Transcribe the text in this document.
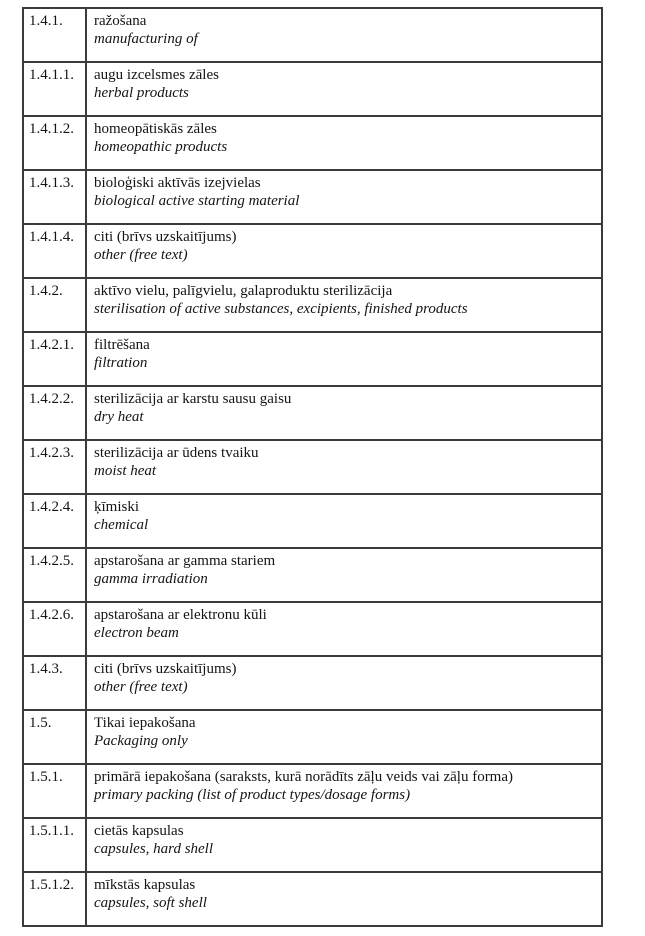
1.4.1.	ražošana
manufacturing of

1.4.1.1.	augu izcelsmes zāles
herbal products

1.4.1.2.	homeopātiskās zāles
homeopathic products

1.4.1.3.	bioloģiski aktīvās izejvielas
biological active starting material

1.4.1.4.	citi (brīvs uzskaitījums)
other (free text)

1.4.2.	aktīvo vielu, palīgvielu, galaproduktu sterilizācija
sterilisation of active substances, excipients, finished products

1.4.2.1.	filtrēšana
filtration

1.4.2.2.	sterilizācija ar karstu sausu gaisu
dry heat

1.4.2.3.	sterilizācija ar ūdens tvaiku
moist heat

1.4.2.4.	ķīmiski
chemical

1.4.2.5.	apstarošana ar gamma stariem
gamma irradiation

1.4.2.6.	apstarošana ar elektronu kūli
electron beam

1.4.3.	citi (brīvs uzskaitījums)
other (free text)

1.5.	Tikai iepakošana
Packaging only

1.5.1.	primārā iepakošana (saraksts, kurā norādīts zāļu veids vai zāļu forma)
primary packing (list of product types/dosage forms)

1.5.1.1.	cietās kapsulas
capsules, hard shell

1.5.1.2.	mīkstās kapsulas
capsules, soft shell
